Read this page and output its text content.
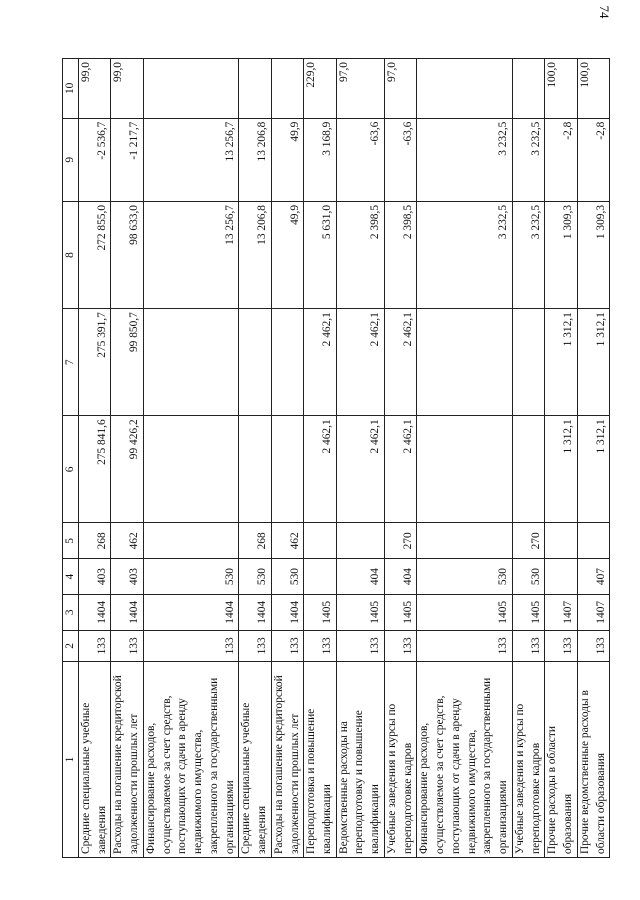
74
1	2	3	4	5	6	7	8	9	10
Средние специальные учебные заведения	133	1404	403	268	275 841,6	275 391,7	272 855,0	-2 536,7	99,0
Расходы на погашение кредиторской задолженности прошлых лет	133	1404	403	462	99 426,2	99 850,7	98 633,0	-1 217,7	99,0
Финансирование расходов, осуществляемое за счет средств, поступающих от сдачи в аренду недвижимого имущества, закрепленного за государственными организациями	133	1404	530				13 256,7	13 256,7	
Средние специальные учебные заведения	133	1404	530	268			13 206,8	13 206,8	
Расходы на погашение кредиторской задолженности прошлых лет	133	1404	530	462			49,9	49,9	
Переподготовка и повышение квалификации	133	1405			2 462,1	2 462,1	5 631,0	3 168,9	229,0
Ведомственные расходы на переподготовку и повышение квалификации	133	1405	404		2 462,1	2 462,1	2 398,5	-63,6	97,0
Учебные заведения и курсы по переподготовке кадров	133	1405	404	270	2 462,1	2 462,1	2 398,5	-63,6	97,0
Финансирование расходов, осуществляемое за счет средств, поступающих от сдачи в аренду недвижимого имущества, закрепленного за государственными организациями	133	1405	530				3 232,5	3 232,5	
Учебные заведения и курсы по переподготовке кадров	133	1405	530	270			3 232,5	3 232,5	
Прочие расходы в области образования	133	1407			1 312,1	1 312,1	1 309,3	-2,8	100,0
Прочие ведомственные расходы в области образования	133	1407	407		1 312,1	1 312,1	1 309,3	-2,8	100,0
